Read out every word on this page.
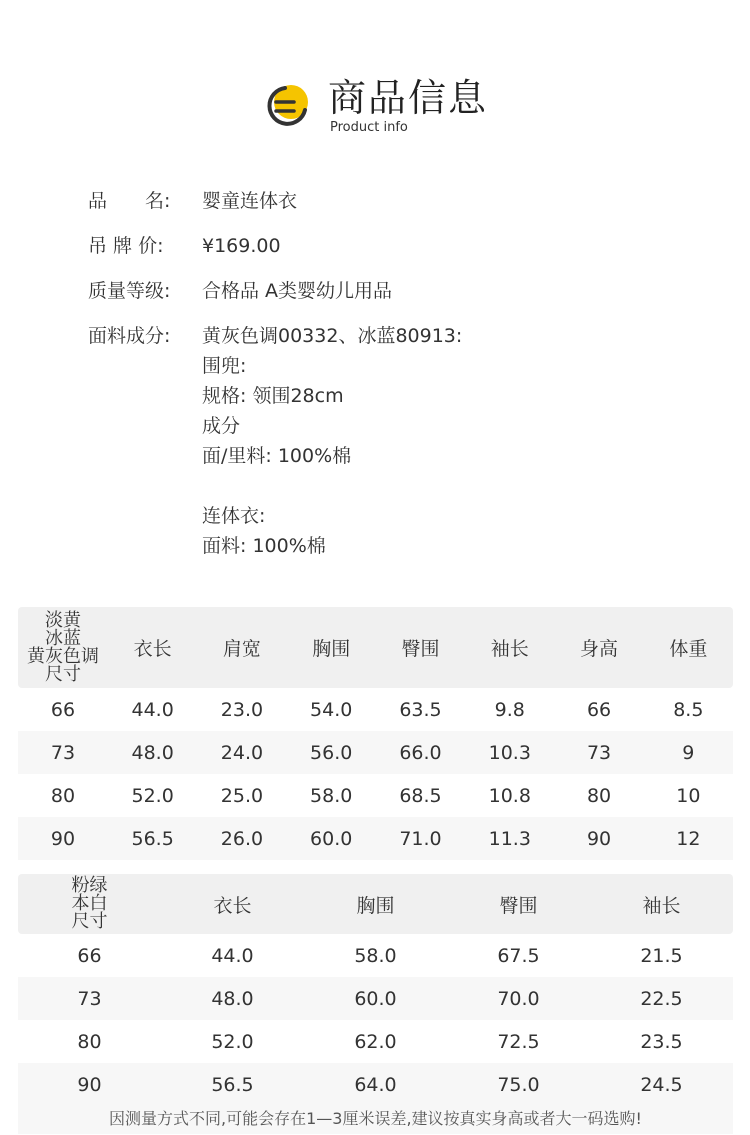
商品信息
Product info
品　　名:	婴童连体衣
吊 牌 价:	¥169.00
质量等级:	合格品 A类婴幼儿用品
面料成分:	黄灰色调00332、冰蓝80913:
围兜:
规格: 领围28cm
成分
面/里料: 100%棉
连体衣:
面料: 100%棉
淡黄
冰蓝
黄灰色调
尺寸
衣长	肩宽	胸围	臀围	袖长	身高	体重
66	44.0	23.0	54.0	63.5	9.8	66	8.5
73	48.0	24.0	56.0	66.0	10.3	73	9
80	52.0	25.0	58.0	68.5	10.8	80	10
90	56.5	26.0	60.0	71.0	11.3	90	12
粉绿
本白
尺寸
衣长	胸围	臀围	袖长
66	44.0	58.0	67.5	21.5
73	48.0	60.0	70.0	22.5
80	52.0	62.0	72.5	23.5
90	56.5	64.0	75.0	24.5
因测量方式不同,可能会存在1—3厘米误差,建议按真实身高或者大一码选购!
